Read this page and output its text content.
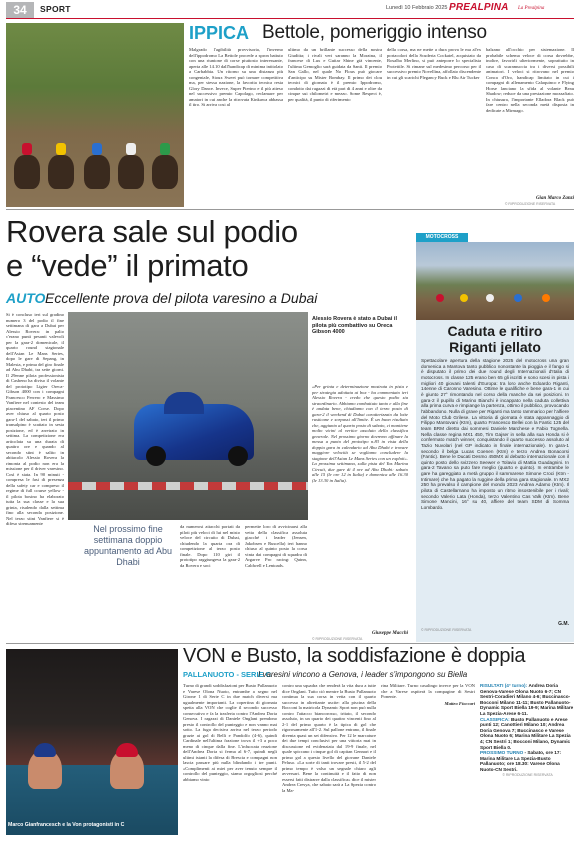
34	SPORT	Lunedì 10 Febbraio 2025 PREALPINA La Prealpina
IPPICA Bettole, pomeriggio intenso
Malgrado l'agibilità provvisoria, l'inverno dell'ippodromo La Bettole procede a spron battuto con una riunione di corse piuttosto interessante, aperta alle 14.10 dall'handicap di minima intitolato a Carbabbia. Un ritorno su una distanza più congeniale, Sioux Sweet può tornare competitiva ma, per stessa nazione, la favorita tecnica resta Glory Dance. Invece, Super Pierino e il più atteso nel successivo premio Capolago, reclamare per amatori in cui anche la ritrovata Kinkawa abbassa il tiro. Si arriva cosi al
ultimo da un brillante successo della nostra Giuditta; i rivali veri saranno la Moraina, il francese di Lux e Guitar Shine già vincente, l'ultima Gemoglio sarà guidata da Santi. Il premio San Gallo, nel quale No Flous può giocare d'anticipo su Mister Bombay. Il primo dei clou tecnici di giornata è il premio Ippodromo, condotto dai ragazzi di età pari di 4 anni e oltre da cinque sui chilometri e mezzo. Some Respect è, per qualità, il punto di riferimento
della corsa, ma ne mette a dura prova le ma al'ex portacolori della Scuderia Cockatel, acquistato da Rosalba Merlino, si può anteporre lo specialista Protettile. Si rimane sul medesimo percorso per il successivo premio Novellina, affollato discendente in cui gli scarichi Plegancy Buck e Blu Air Tucker
balzano all'occhio per sistemazione. Il probabile schema veloce di corsa dovrebbe, inoltre, favorirli ulteriormente, soprattutto in caso di scaramuccia tra i diversi possibili animatori. I veloci si ritrovano nel premio Conca d'Oro, handicap limitato in cui i compagni di allenamento Calaquinco e Flying Horse lanciano la sfida al volante Beau Shadow; reduce da una prestazione mozzafiato. In chiusura, l'importante Elladora Black può fare centro nella seconda metà disposta in dedicate a Mirmago.
Gian Marco Zanzi
© RIPRODUZIONE RISERVATA
Rovera sale sul podio
e “vede” il primato
AUTO Eccellente prova del pilota varesino a Dubai
Si è concluso ieri sul gradino numero 3 del podio il fine settimana di gara a Dubai per Alessio Rovera: in palio c'erano punti pesanti valevoli per la gara-2 domenicale, il quarto round stagionale dell'Asian Le Mans Series, dopo le gare di Sepang, in Malesia, e prima del giro finale ad Abu Dhabi, tra sette giorni. Il 29enne pilota professionista di Casbeno ha diviso il volante del prototipo Ligier Oreca-Gibson 4000 con i compagni Francesco Ferrero e Massimo Vanfiere nel contesto del team piacentino AF Corse. Dopo aver chiuso al quarto posto gara-1 del sabato, ieri il primo transalpino è scattato in sesta posizione, ed è arretrato in settima. La competizione era articolata su una durata di quattro ore e quando al secondo stint è salito in abitacolo Alessio Rovera la rimonta al podio non era la missione per il driver varesino. Così è stata. In 90 minuti - compresa le fasi di presenza della safety car e compreso il regime di full course yellow - il pilota bosino ha elaborato tutta la sua classe e la sua grinta, risalendo dalla settima fino alla seconda posizione. Nel terzo stint Vanfiere si è difeso strenuamente
Alessio Rovera è stato a Dubai il pilota più combattivo su Oreca Gibson 4000
«Per grinta e determinazione mostrata in pista e per strategia adottata ai box - ha commentato ieri Alessio Rovera - credo che questo podio sia straordinario. Abbiamo combattuto tanto e alla fine è andata bene, chiudiamo con il terzo posto di gara-2 il weekend di Dubai caratterizzato da lotte rusticane e sorpassi all'limite. È un buon risultato che, aggiunto al quarto posto di sabato, ci mantiene molto vicini al vertice assoluto della classifica generale. Nel prossimo giorno dovremo affinare la messa a punto del prototipo n.83 in vista della doppia gara in calendario ad Abu Dhabi e trovare maggiore velocità se vogliamo concludere la stagione dell'Asian Le Mans Series con un exploit». La prossima settimana, sulla pista del Yas Marina Circuit, due gare di 4 ore ad Abu Dhabi: sabato alle 15 (le ore 12 in Italia) e domenica alle 16.30 (le 13.30 in Italia).
Giuseppe Macchi
© RIPRODUZIONE RISERVATA
Nel prossimo fine settimana doppio appuntamento ad Abu Dhabi
da numerosi attacchi portati da piloti più veloci di lui nel misto veloce del circuito di Dubai, chiudendo la quarta ora di competizione al terzo posto finale. Dopo 110 giri il prototipo raggiungeva la gara-2 da Rovera e soci
permette loro di avvicinarsi alla vetta della classifica assoluta giacché i leader (Jensen, Jakobsen e Ruscella) ieri hanno chiuso al quinto posto la corsa vinta dai compagni di squadra di Argarve Pro racing: Quinn, Caldwell e Lentoads.
MOTOCROSS
Caduta e ritiro
Riganti jellato
Spettacolare apertura della stagione 2025 del motocross una gran domenica a Mantova tanto pubblico nonostante la pioggia e il fango si è disputato il primo dei due round degli Internazionali d'Italia di motocross. In classe 125 erano ben 65 gli iscritti e sono scesi in pista i migliori 40 giovani talenti d'Europa: tra loro anche Edoardo Riganti, 14enne di Caronno Varesino. Ottime le qualifiche e bene gara-1 in cui è giunto 27° rimontando nel corso della manche da sei posizioni. In gara-2 il pupillo di Marino Bianchi è incappato nella caduta collettiva alla prima curva e rimpiange la partenza, ottimo il pubblico, provocando l'abbandono. Nulla di grave per Riganti ma tanto rammarico per l'alfiere del Moto Club Grilese. La vittoria di giornata è stata appannaggio di Filippo Mantovani (Ktm), quarto Francesco Bellei con la Fantic 125 del team BRM diretto dai sommesi Daniele Marchese e Fabio Tognella. Nella classe regina MX1 450, Tim Gajser in sella alla sua Honda si è confermato match winner, conquistando il quarto successo assoluto al Tazio Nuvolari (nel GP indicato in finale internazionale). In gara-1 secondo il belga Lucas Coenen (Ktm) e terzo Andrea Bonacorsi (Fantic). Bene le Ducati Desmo 450MX al debutto internazionale con il quinto posto dello svizzero Seewer e Tolavio di Mattia Guadagnini. In gara-2 Tavano sa puto fare meglio (quarto e quinto). In entrambe le gare ha gareggiato a metà gruppo il sammarese Simone Croci (Ktm - Intimare) che ha pagato la ruggine della prima gara stagionale. In MX2 250 ha prevalso il campione del mondo 2023 Andrea Adamo (Ktm). Il pilota di Castellarnano ha imposto un ritmo insostenibile per i rivali; secondo Valerio Lata (Honda), terzo Valentino Cas Valk (Ktm). Bene Simone Mancini, 16° su 40, affiere del team SDM di Somma Lombardo.
G.M.
© RIPRODUZIONE RISERVATA
Marco Gianfrancesch e la Von protagonisti in C
VON e Busto, la soddisfazione è doppia
PALLANUOTO - SERIE C
I varesini vincono a Genova, i leader s'impongono su Biella
Turno di grandi soddisfazioni per Busto Pallanuoto e Varese Olona Nuoto, entrambe a segno nel Girone 1 di Serie C in due match diversi ma ugualmente importanti. La copertina di giornata spetta alla VON che coglie il secondo successo consecutivo e fa la trasferta contro l'Andrea Doria Genova. I ragazzi di Daniele Onglani prendono presto il controllo del punteggio e non vanno mai sotto. La fuga decisiva arriva nel terzo periodo grazie ai gol di Belli e Pandolfo (4-6), quindi Cardinale nell'ultima frazione trova il +3 a poco meno di cinque dalla fine. L'infuocata reazione dell'Andrea Doria si ferma al 6-7, quindi negli ultimi istanti la difesa di Brescia e compagni non lascia passare più nulla blindando i tre punti. «Complimenti ai miei per aver tenuto sempre il controllo del punteggio, siamo orgogliosi perché abbiamo vinto
contro una squadra che renderà la vita dura a tutte dice Onglani. Tutto ciò mentre la Busto Pallanuoto continua la sua corsa in vetta con il quarto successo in altrettante uscite: alla piscina della Bocconi la matricola Dynamic Sport non può nulla contro l'attacco biancorosso, tritato, il secondo assoluto, in un quarto dei quattro vincenti fino al 2-1 del primo quarto è la tipica di gol che rigorosamente all'1-2. Sul pallone entrano, il finale diventa quasi un set difensivo. Per 12 le marcature dei due tempi conclusivi per una vittoria mai in discussione ed evidenziata dal 19-9 finale, nel quale spiccano i cinque gol di capitan Gennari e il primo gol a questo livello del giovane Daniele Peluso. «La sorte di tanti trovare presti, il 5-2 del primo tempo è valso un segnale chiaro agli avversari. Bene la continuità e il fatto di non essersi fatti distrarre dalla classifica» dice il mister Andrea Cresya, che sabato sarà a La Spezia contro la Ma-

rina Militare. Turno casalingo invece per la VON che a Varese ospiterà la compagine di Sestri Ponente.

Matteo Fioccari

RISULTATI (4° turno): Andrea Doria Genova-Varese Olona Nuoto 6-7; CN Sestri-Coradieri Milano 4-6; Buccinasco-Bocconi Milano 11-11; Busto Pallanuoto-Dynamic Sport Biella 19-9; Marina Militare La Spezia-Arese 6-11.

CLASSIFICA: Busto Pallanuoto e Arese punti 12; Canottieri Milano 10; Andrea Doria Genova 7; Buccinasco e Varese Olona Nuoto 6; Marina Militare La Spezia 4; CN Sestri 1; Bocconi Milano, Dynamic Sport Biella 0.

PROSSIMO TURNO - Sabato, ore 17: Marina Militare La Spezia-Busto Pallanuoto; ore 18.30: Varese Olona Nuoto-CN Sestri.

© RIPRODUZIONE RISERVATA
